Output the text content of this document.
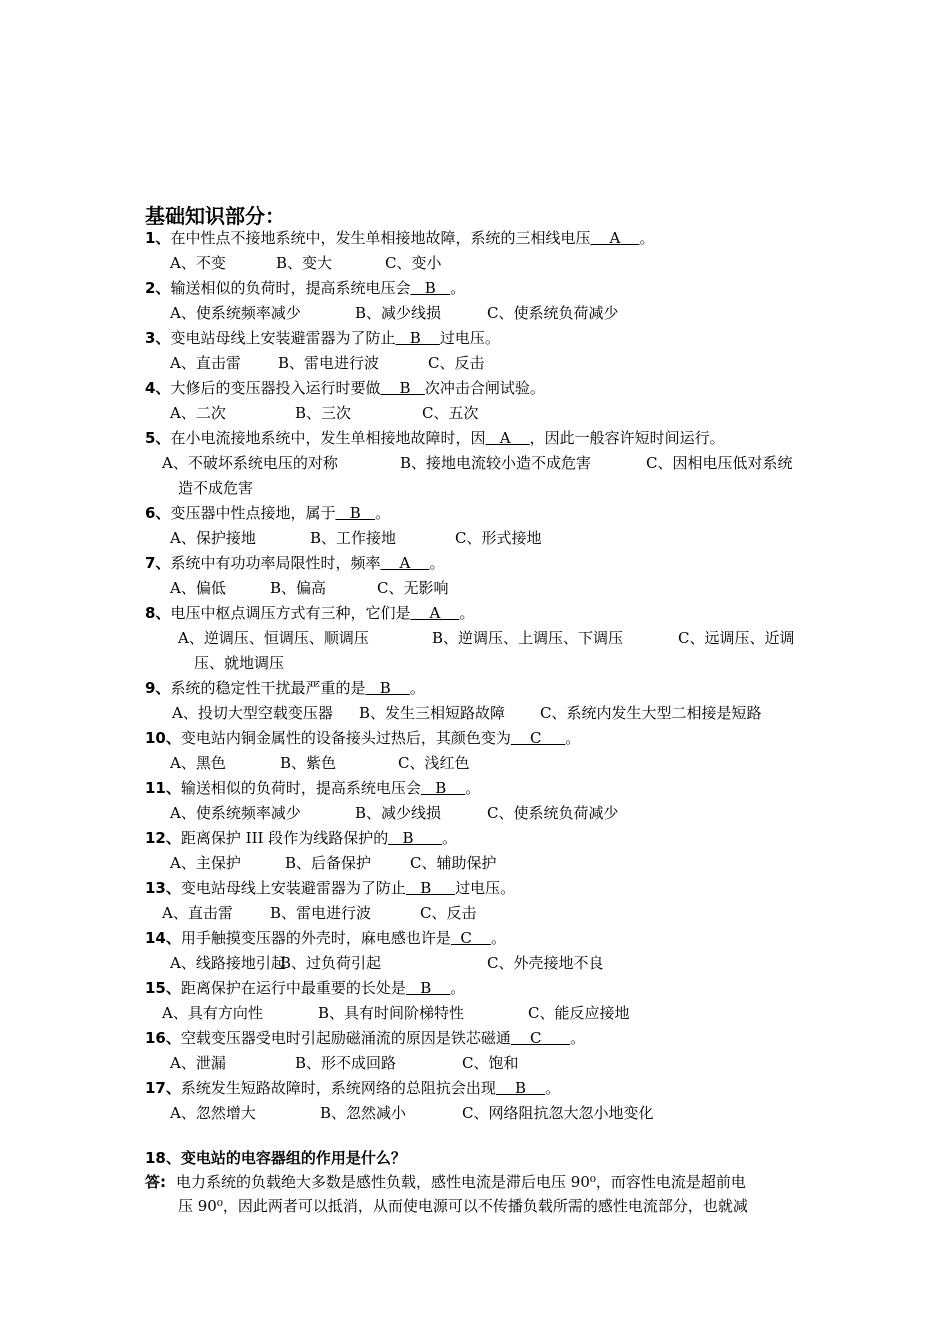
基础知识部分：
1、在中性点不接地系统中，发生单相接地故障，系统的三相线电压    A    。
A、不变	B、变大	C、变小
2、输送相似的负荷时，提高系统电压会   B   。
A、使系统频率减少	B、减少线损	C、使系统负荷减少
3、变电站母线上安装避雷器为了防止   B    过电压。
A、直击雷 B、雷电进行波	C、反击
4、大修后的变压器投入运行时要做    B   次冲击合闸试验。
A、二次	B、三次	C、五次
5、在小电流接地系统中，发生单相接地故障时，因   A    ，因此一般容许短时间运行。
A、不破坏系统电压的对称	B、接地电流较小造不成危害	C、因相电压低对系统
造不成危害
6、变压器中性点接地，属于   B   。
A、保护接地	B、工作接地	C、形式接地
7、系统中有功功率局限性时，频率    A    。
A、偏低	B、偏高	C、无影响
8、电压中枢点调压方式有三种，它们是    A    。
A、逆调压、恒调压、顺调压	B、逆调压、上调压、下调压	C、远调压、近调
压、就地调压
9、系统的稳定性干扰最严重的是   B    。
A、投切大型空载变压器 B、发生三相短路故障 C、系统内发生大型二相接是短路
10、变电站内铜金属性的设备接头过热后，其颜色变为    C     。
A、黑色	B、紫色	C、浅红色
11、输送相似的负荷时，提高系统电压会   B    。
A、使系统频率减少	B、减少线损	C、使系统负荷减少
12、距离保护 III 段作为线路保护的   B      。
A、主保护	B、后备保护	C、辅助保护
13、变电站母线上安装避雷器为了防止   B     过电压。
A、直击雷 B、雷电进行波	C、反击
14、用手触摸变压器的外壳时，麻电感也许是  C    。
A、线路接地引起
B、过负荷引起	C、外壳接地不良
15、距离保护在运行中最重要的长处是   B    。
A、具有方向性	B、具有时间阶梯特性	C、能反应接地
16、空载变压器受电时引起励磁涌流的原因是铁芯磁通    C      。
A、泄漏	B、形不成回路	C、饱和
17、系统发生短路故障时，系统网络的总阻抗会出现    B    。
A、忽然增大	B、忽然减小	C、网络阻抗忽大忽小地变化
18、变电站的电容器组的作用是什么？
答: 电力系统的负载绝大多数是感性负载，感性电流是滞后电压 90⁰，而容性电流是超前电
压 90⁰，因此两者可以抵消，从而使电源可以不传播负载所需的感性电流部分，也就减
